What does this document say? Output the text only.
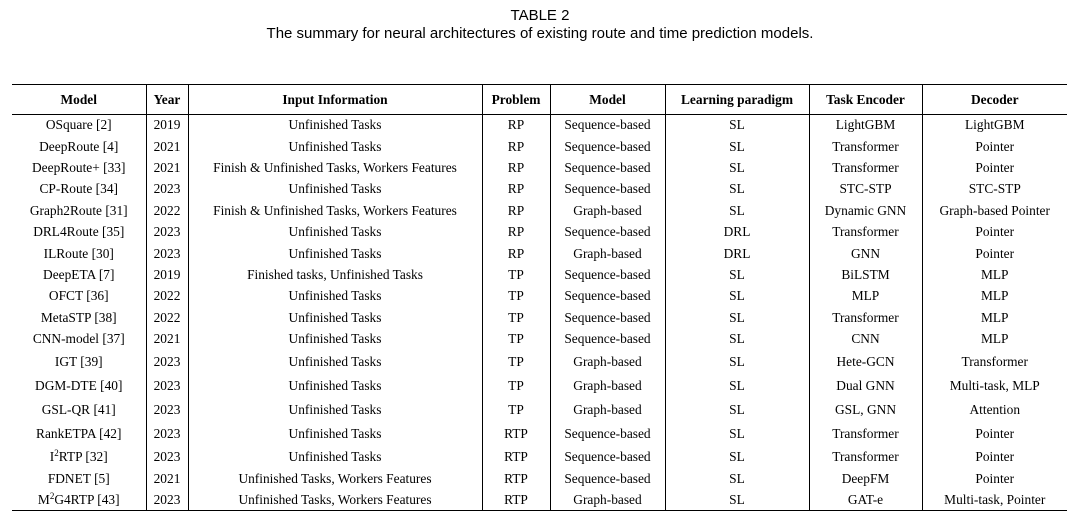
TABLE 2
The summary for neural architectures of existing route and time prediction models.
Model	Year	Input Information	Problem	Model	Learning paradigm	Task Encoder	Decoder
OSquare [2]	2019	Unfinished Tasks	RP	Sequence-based	SL	LightGBM	LightGBM
DeepRoute [4]	2021	Unfinished Tasks	RP	Sequence-based	SL	Transformer	Pointer
DeepRoute+ [33]	2021	Finish & Unfinished Tasks, Workers Features	RP	Sequence-based	SL	Transformer	Pointer
CP-Route [34]	2023	Unfinished Tasks	RP	Sequence-based	SL	STC-STP	STC-STP
Graph2Route [31]	2022	Finish & Unfinished Tasks, Workers Features	RP	Graph-based	SL	Dynamic GNN	Graph-based Pointer
DRL4Route [35]	2023	Unfinished Tasks	RP	Sequence-based	DRL	Transformer	Pointer
ILRoute [30]	2023	Unfinished Tasks	RP	Graph-based	DRL	GNN	Pointer
DeepETA [7]	2019	Finished tasks, Unfinished Tasks	TP	Sequence-based	SL	BiLSTM	MLP
OFCT [36]	2022	Unfinished Tasks	TP	Sequence-based	SL	MLP	MLP
MetaSTP [38]	2022	Unfinished Tasks	TP	Sequence-based	SL	Transformer	MLP
CNN-model [37]	2021	Unfinished Tasks	TP	Sequence-based	SL	CNN	MLP
IGT [39]	2023	Unfinished Tasks	TP	Graph-based	SL	Hete-GCN	Transformer
DGM-DTE [40]	2023	Unfinished Tasks	TP	Graph-based	SL	Dual GNN	Multi-task, MLP
GSL-QR [41]	2023	Unfinished Tasks	TP	Graph-based	SL	GSL, GNN	Attention
RankETPA [42]	2023	Unfinished Tasks	RTP	Sequence-based	SL	Transformer	Pointer
$I^2RTP$ [32]	2023	Unfinished Tasks	RTP	Sequence-based	SL	Transformer	Pointer
FDNET [5]	2021	Unfinished Tasks, Workers Features	RTP	Sequence-based	SL	DeepFM	Pointer
$M^2G4RTP$ [43]	2023	Unfinished Tasks, Workers Features	RTP	Graph-based	SL	GAT-e	Multi-task, Pointer
